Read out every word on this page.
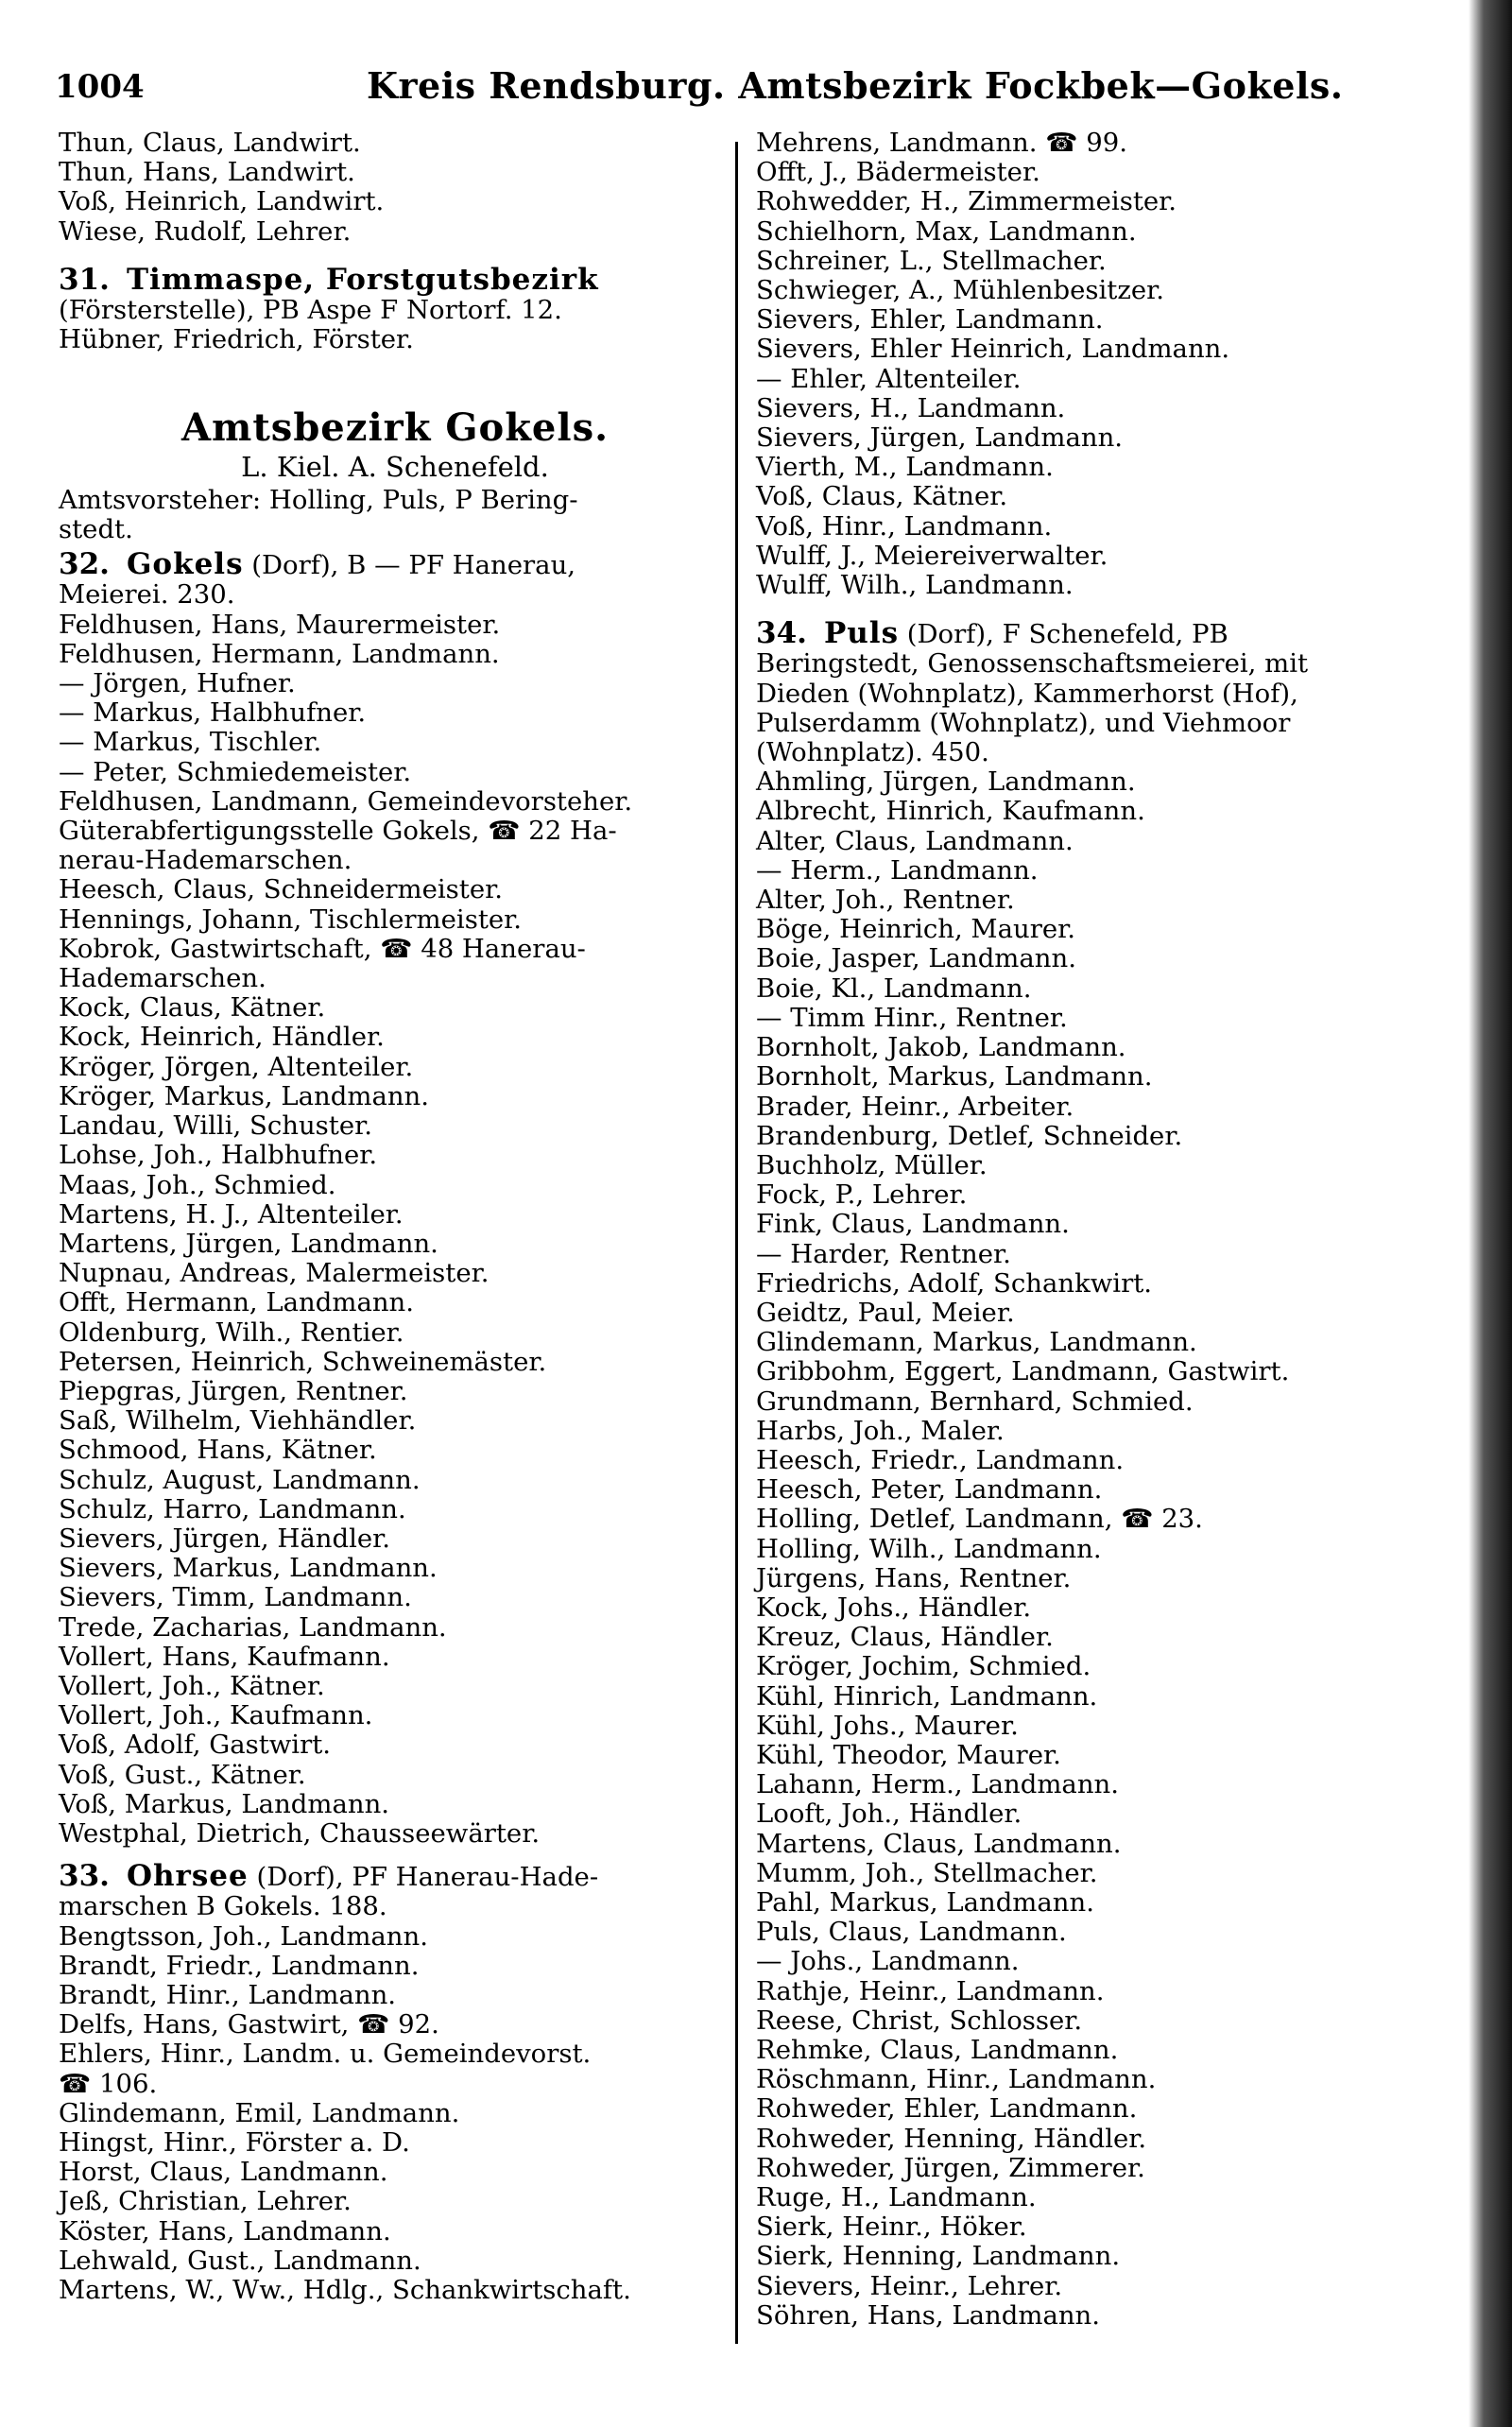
1004	Kreis Rendsburg. Amtsbezirk Fockbek—Gokels.
Thun, Claus, Landwirt.
Thun, Hans, Landwirt.
Voß, Heinrich, Landwirt.
Wiese, Rudolf, Lehrer.
31. Timmaspe, Forstgutsbezirk
(Försterstelle), PB Aspe F Nortorf. 12.
Hübner, Friedrich, Förster.
Amtsbezirk Gokels.
L. Kiel. A. Schenefeld.
Amtsvorsteher: Holling, Puls, P Bering-
stedt.
32. Gokels (Dorf), B — PF Hanerau,
Meierei. 230.
Feldhusen, Hans, Maurermeister.
Feldhusen, Hermann, Landmann.
— Jörgen, Hufner.
— Markus, Halbhufner.
— Markus, Tischler.
— Peter, Schmiedemeister.
Feldhusen, Landmann, Gemeindevorsteher.
Güterabfertigungsstelle Gokels, ☎ 22 Ha-
nerau-Hademarschen.
Heesch, Claus, Schneidermeister.
Hennings, Johann, Tischlermeister.
Kobrok, Gastwirtschaft, ☎ 48 Hanerau-
Hademarschen.
Kock, Claus, Kätner.
Kock, Heinrich, Händler.
Kröger, Jörgen, Altenteiler.
Kröger, Markus, Landmann.
Landau, Willi, Schuster.
Lohse, Joh., Halbhufner.
Maas, Joh., Schmied.
Martens, H. J., Altenteiler.
Martens, Jürgen, Landmann.
Nupnau, Andreas, Malermeister.
Offt, Hermann, Landmann.
Oldenburg, Wilh., Rentier.
Petersen, Heinrich, Schweinemäster.
Piepgras, Jürgen, Rentner.
Saß, Wilhelm, Viehhändler.
Schmood, Hans, Kätner.
Schulz, August, Landmann.
Schulz, Harro, Landmann.
Sievers, Jürgen, Händler.
Sievers, Markus, Landmann.
Sievers, Timm, Landmann.
Trede, Zacharias, Landmann.
Vollert, Hans, Kaufmann.
Vollert, Joh., Kätner.
Vollert, Joh., Kaufmann.
Voß, Adolf, Gastwirt.
Voß, Gust., Kätner.
Voß, Markus, Landmann.
Westphal, Dietrich, Chausseewärter.
33. Ohrsee (Dorf), PF Hanerau-Hade-
marschen B Gokels. 188.
Bengtsson, Joh., Landmann.
Brandt, Friedr., Landmann.
Brandt, Hinr., Landmann.
Delfs, Hans, Gastwirt, ☎ 92.
Ehlers, Hinr., Landm. u. Gemeindevorst.
☎ 106.
Glindemann, Emil, Landmann.
Hingst, Hinr., Förster a. D.
Horst, Claus, Landmann.
Jeß, Christian, Lehrer.
Köster, Hans, Landmann.
Lehwald, Gust., Landmann.
Martens, W., Ww., Hdlg., Schankwirtschaft.
Mehrens, Landmann. ☎ 99.
Offt, J., Bädermeister.
Rohwedder, H., Zimmermeister.
Schielhorn, Max, Landmann.
Schreiner, L., Stellmacher.
Schwieger, A., Mühlenbesitzer.
Sievers, Ehler, Landmann.
Sievers, Ehler Heinrich, Landmann.
— Ehler, Altenteiler.
Sievers, H., Landmann.
Sievers, Jürgen, Landmann.
Vierth, M., Landmann.
Voß, Claus, Kätner.
Voß, Hinr., Landmann.
Wulff, J., Meiereiverwalter.
Wulff, Wilh., Landmann.
34. Puls (Dorf), F Schenefeld, PB
Beringstedt, Genossenschaftsmeierei, mit
Dieden (Wohnplatz), Kammerhorst (Hof),
Pulserdamm (Wohnplatz), und Viehmoor
(Wohnplatz). 450.
Ahmling, Jürgen, Landmann.
Albrecht, Hinrich, Kaufmann.
Alter, Claus, Landmann.
— Herm., Landmann.
Alter, Joh., Rentner.
Böge, Heinrich, Maurer.
Boie, Jasper, Landmann.
Boie, Kl., Landmann.
— Timm Hinr., Rentner.
Bornholt, Jakob, Landmann.
Bornholt, Markus, Landmann.
Brader, Heinr., Arbeiter.
Brandenburg, Detlef, Schneider.
Buchholz, Müller.
Fock, P., Lehrer.
Fink, Claus, Landmann.
— Harder, Rentner.
Friedrichs, Adolf, Schankwirt.
Geidtz, Paul, Meier.
Glindemann, Markus, Landmann.
Gribbohm, Eggert, Landmann, Gastwirt.
Grundmann, Bernhard, Schmied.
Harbs, Joh., Maler.
Heesch, Friedr., Landmann.
Heesch, Peter, Landmann.
Holling, Detlef, Landmann, ☎ 23.
Holling, Wilh., Landmann.
Jürgens, Hans, Rentner.
Kock, Johs., Händler.
Kreuz, Claus, Händler.
Kröger, Jochim, Schmied.
Kühl, Hinrich, Landmann.
Kühl, Johs., Maurer.
Kühl, Theodor, Maurer.
Lahann, Herm., Landmann.
Looft, Joh., Händler.
Martens, Claus, Landmann.
Mumm, Joh., Stellmacher.
Pahl, Markus, Landmann.
Puls, Claus, Landmann.
— Johs., Landmann.
Rathje, Heinr., Landmann.
Reese, Christ, Schlosser.
Rehmke, Claus, Landmann.
Röschmann, Hinr., Landmann.
Rohweder, Ehler, Landmann.
Rohweder, Henning, Händler.
Rohweder, Jürgen, Zimmerer.
Ruge, H., Landmann.
Sierk, Heinr., Höker.
Sierk, Henning, Landmann.
Sievers, Heinr., Lehrer.
Söhren, Hans, Landmann.
